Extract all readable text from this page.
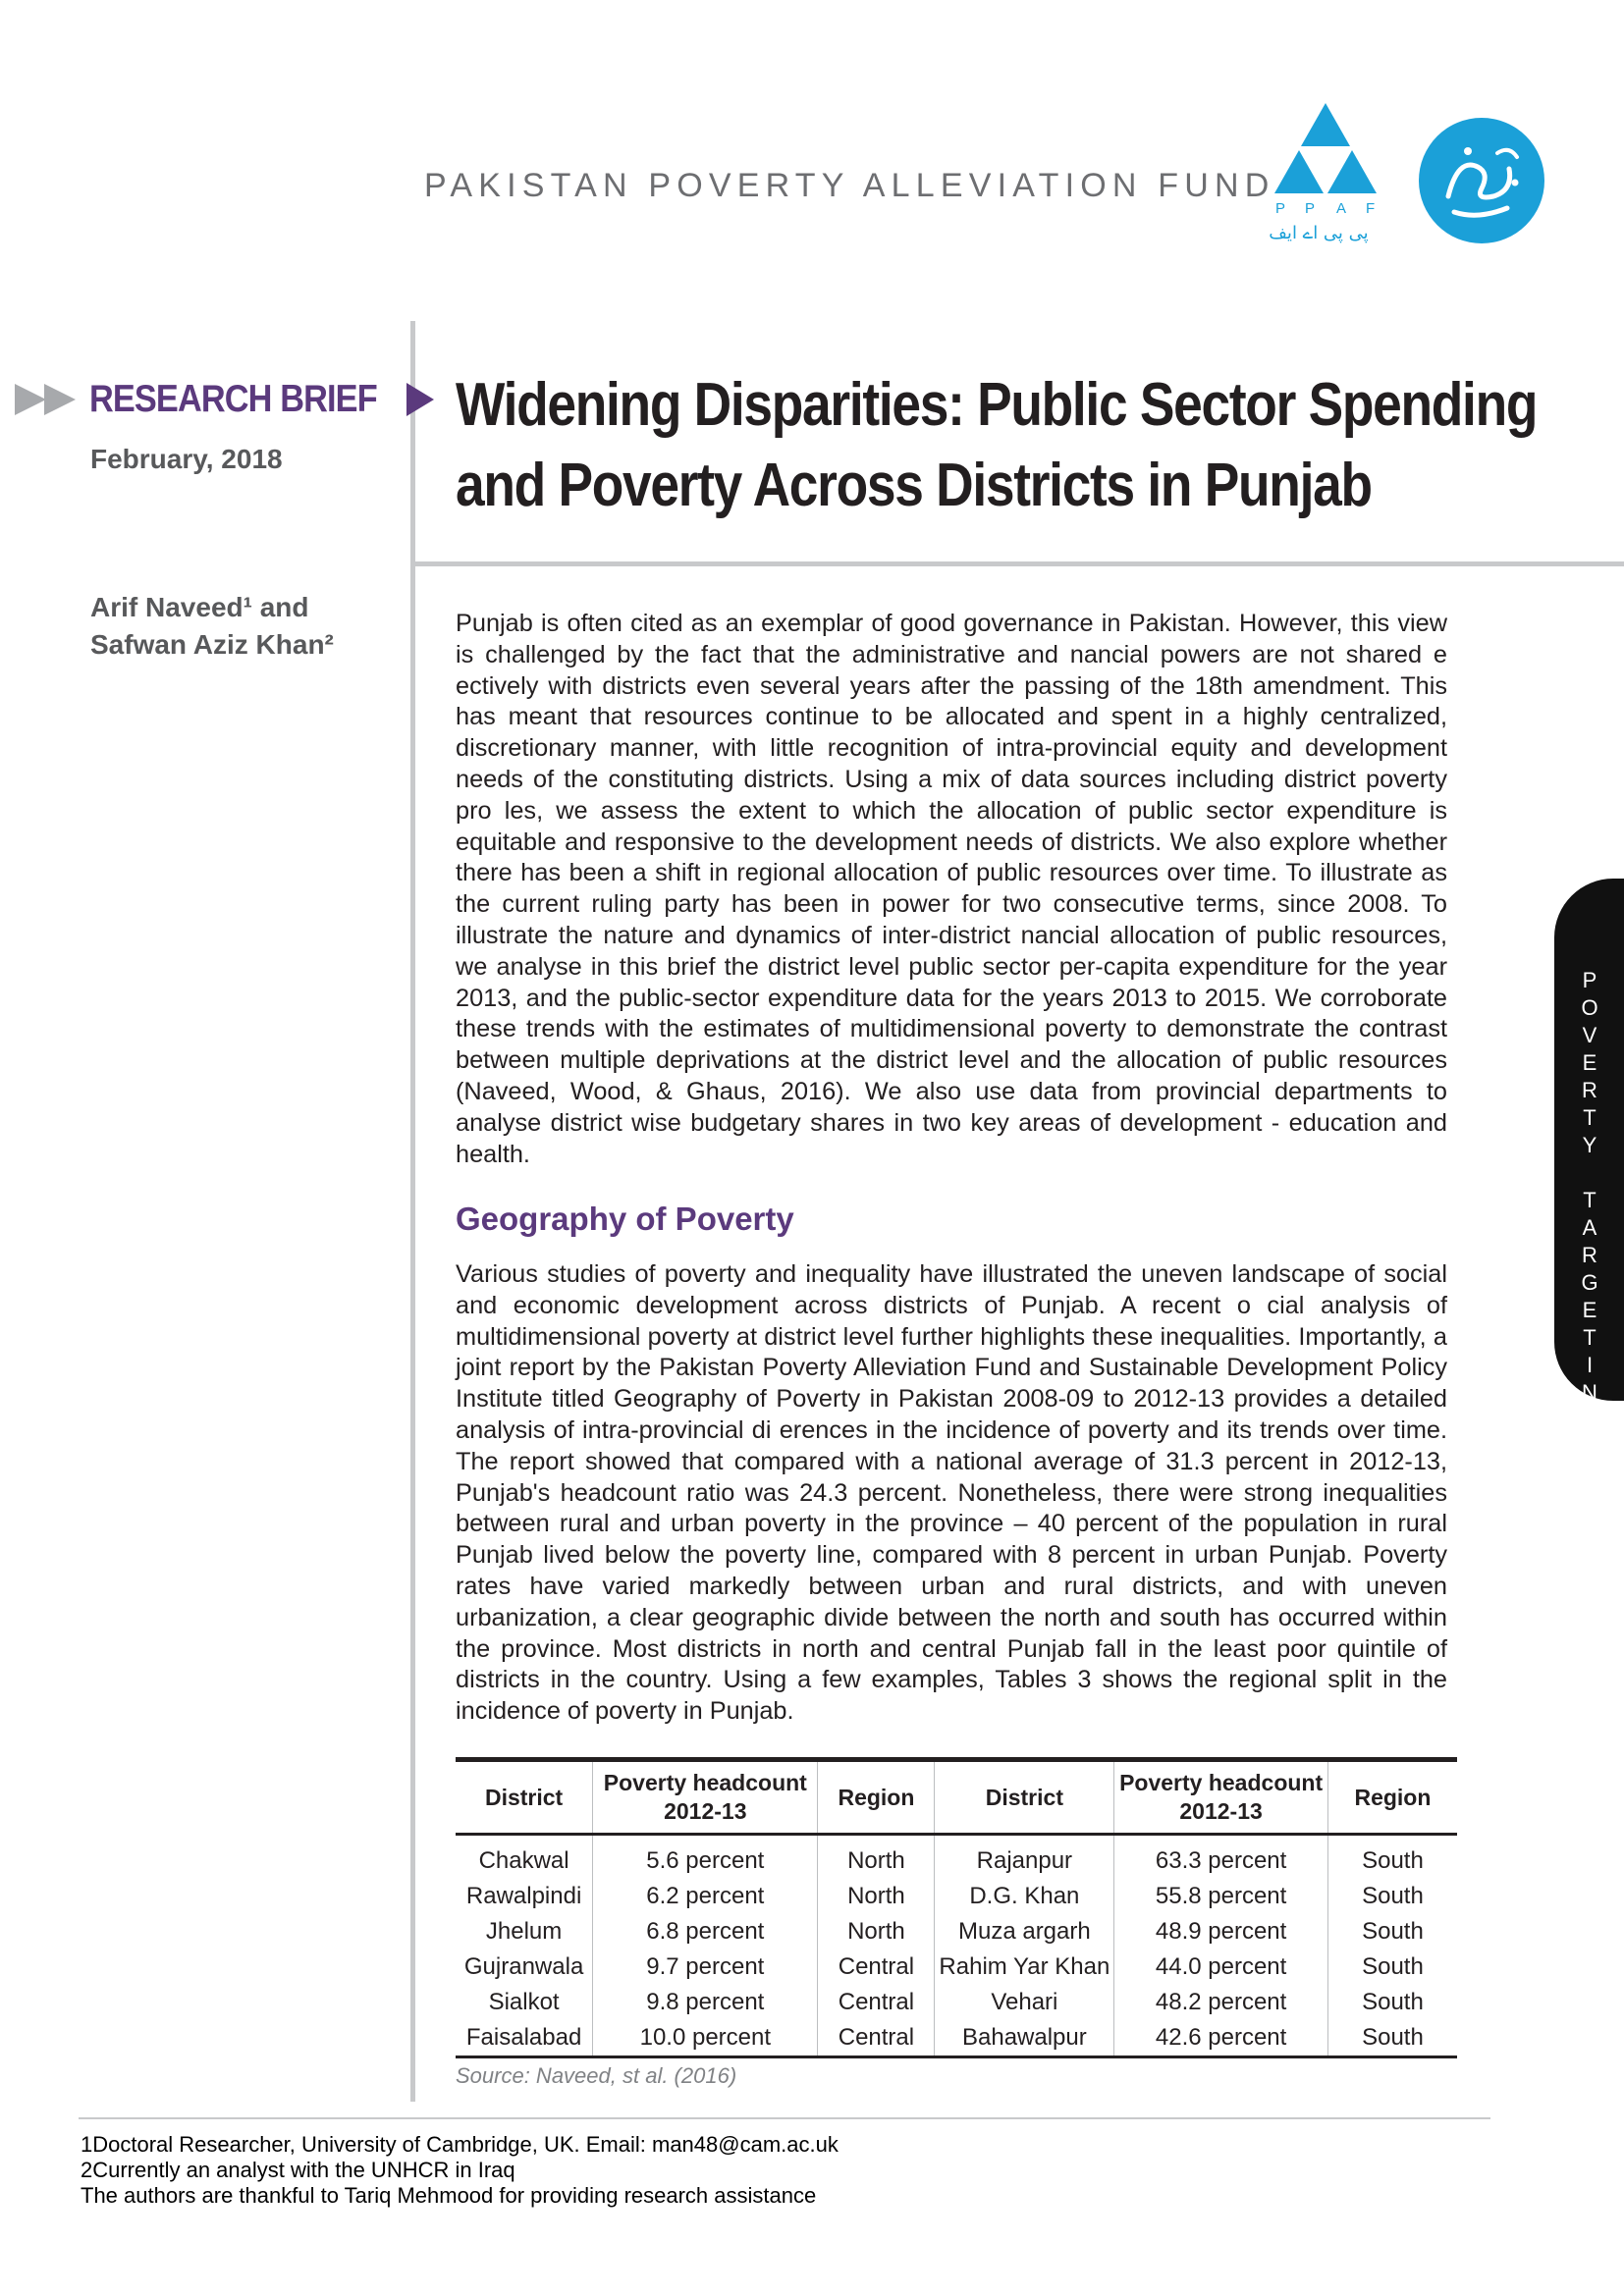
PAKISTAN POVERTY ALLEVIATION FUND
P P A F
پی پی اے ایف
RESEARCH BRIEF
February, 2018
Arif Naveed¹ and
Safwan Aziz Khan²
Widening Disparities: Public Sector Spending
and Poverty Across Districts in Punjab
Punjab is often cited as an exemplar of good governance in Pakistan. However, this view is challenged by the fact that the administrative and nancial powers are not shared e ectively with districts even several years after the passing of the 18th amendment. This has meant that resources continue to be allocated and spent in a highly centralized, discretionary manner, with little recognition of intra-provincial equity and development needs of the constituting districts. Using a mix of data sources including district poverty pro les, we assess the extent to which the allocation of public sector expenditure is equitable and responsive to the development needs of districts. We also explore whether there has been a shift in regional allocation of public resources over time. To illustrate as the current ruling party has been in power for two consecutive terms, since 2008. To illustrate the nature and dynamics of inter-district nancial allocation of public resources, we analyse in this brief the district level public sector per-capita expenditure for the year 2013, and the public-sector expenditure data for the years 2013 to 2015. We corroborate these trends with the estimates of multidimensional poverty to demonstrate the contrast between multiple deprivations at the district level and the allocation of public resources (Naveed, Wood, & Ghaus, 2016). We also use data from provincial departments to analyse district wise budgetary shares in two key areas of development - education and health.
Geography of Poverty
Various studies of poverty and inequality have illustrated the uneven landscape of social and economic development across districts of Punjab. A recent o cial analysis of multidimensional poverty at district level further highlights these inequalities. Importantly, a joint report by the Pakistan Poverty Alleviation Fund and Sustainable Development Policy Institute titled Geography of Poverty in Pakistan 2008-09 to 2012-13 provides a detailed analysis of intra-provincial di erences in the incidence of poverty and its trends over time. The report showed that compared with a national average of 31.3 percent in 2012-13, Punjab's headcount ratio was 24.3 percent. Nonetheless, there were strong inequalities between rural and urban poverty in the province – 40 percent of the population in rural Punjab lived below the poverty line, compared with 8 percent in urban Punjab. Poverty rates have varied markedly between urban and rural districts, and with uneven urbanization, a clear geographic divide between the north and south has occurred within the province. Most districts in north and central Punjab fall in the least poor quintile of districts in the country. Using a few examples, Tables 3 shows the regional split in the incidence of poverty in Punjab.
P
O
V
E
R
T
Y

T
A
R
G
E
T
I
N
G
District	Poverty headcount 2012-13	Region	District	Poverty headcount 2012-13	Region
Chakwal	5.6 percent	North	Rajanpur	63.3 percent	South
Rawalpindi	6.2 percent	North	D.G. Khan	55.8 percent	South
Jhelum	6.8 percent	North	Muza argarh	48.9 percent	South
Gujranwala	9.7 percent	Central	Rahim Yar Khan	44.0 percent	South
Sialkot	9.8 percent	Central	Vehari	48.2 percent	South
Faisalabad	10.0 percent	Central	Bahawalpur	42.6 percent	South
Source: Naveed, st al. (2016)
1Doctoral Researcher, University of Cambridge, UK. Email: man48@cam.ac.uk
2Currently an analyst with the UNHCR in Iraq
The authors are thankful to Tariq Mehmood for providing research assistance
